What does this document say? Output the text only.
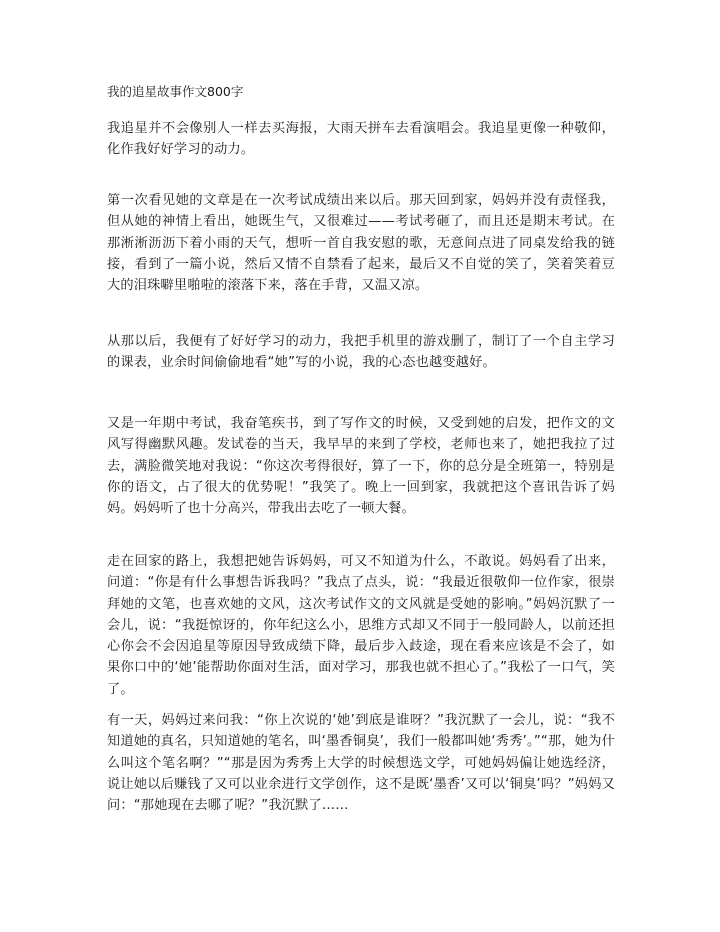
我的追星故事作文800字

我追星并不会像别人一样去买海报，大雨天拼车去看演唱会。我追星更像一种敬仰，化作我好好学习的动力。

第一次看见她的文章是在一次考试成绩出来以后。那天回到家，妈妈并没有责怪我，但从她的神情上看出，她既生气，又很难过——考试考砸了，而且还是期末考试。在那淅淅沥沥下着小雨的天气，想听一首自我安慰的歌，无意间点进了同桌发给我的链接，看到了一篇小说，然后又情不自禁看了起来，最后又不自觉的笑了，笑着笑着豆大的泪珠噼里啪啦的滚落下来，落在手背，又温又凉。

从那以后，我便有了好好学习的动力，我把手机里的游戏删了，制订了一个自主学习的课表，业余时间偷偷地看“她”写的小说，我的心态也越变越好。

又是一年期中考试，我奋笔疾书，到了写作文的时候，又受到她的启发，把作文的文风写得幽默风趣。发试卷的当天，我早早的来到了学校，老师也来了，她把我拉了过去，满脸微笑地对我说：“你这次考得很好，算了一下，你的总分是全班第一，特别是你的语文，占了很大的优势呢！”我笑了。晚上一回到家，我就把这个喜讯告诉了妈妈。妈妈听了也十分高兴，带我出去吃了一顿大餐。

走在回家的路上，我想把她告诉妈妈，可又不知道为什么，不敢说。妈妈看了出来，问道：“你是有什么事想告诉我吗？”我点了点头，说：“我最近很敬仰一位作家，很崇拜她的文笔，也喜欢她的文风，这次考试作文的文风就是受她的影响。”妈妈沉默了一会儿，说：“我挺惊讶的，你年纪这么小，思维方式却又不同于一般同龄人，以前还担心你会不会因追星等原因导致成绩下降，最后步入歧途，现在看来应该是不会了，如果你口中的‘她’能帮助你面对生活，面对学习，那我也就不担心了。”我松了一口气，笑了。

有一天，妈妈过来问我：“你上次说的‘她’到底是谁呀？”我沉默了一会儿，说：“我不知道她的真名，只知道她的笔名，叫‘墨香铜臭’，我们一般都叫她‘秀秀’。”“那，她为什么叫这个笔名啊？”“那是因为秀秀上大学的时候想选文学，可她妈妈偏让她选经济，说让她以后赚钱了又可以业余进行文学创作，这不是既‘墨香’又可以‘铜臭’吗？”妈妈又问：“那她现在去哪了呢？”我沉默了……
